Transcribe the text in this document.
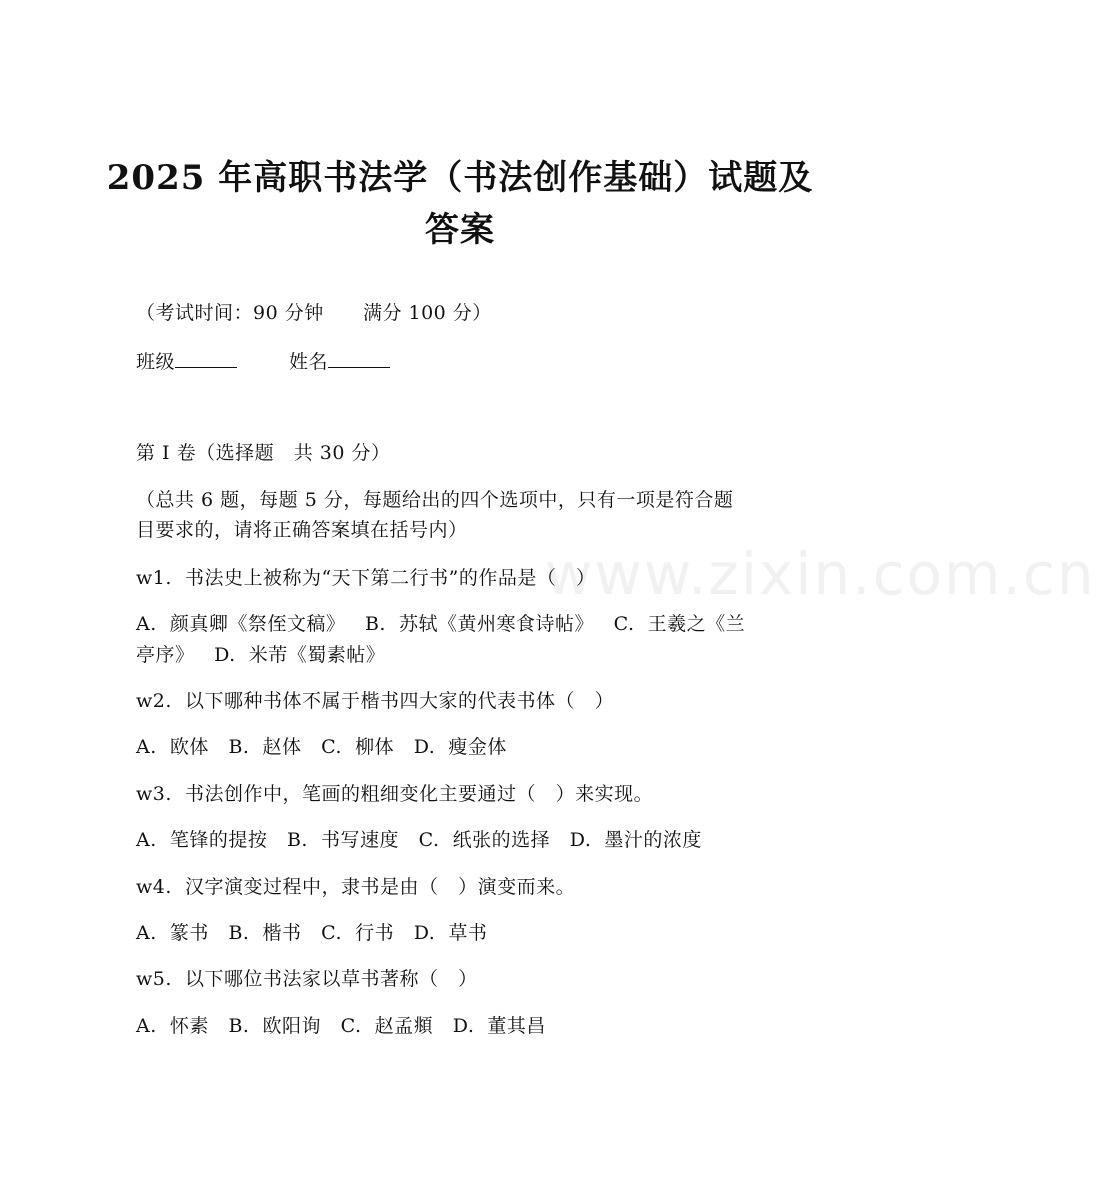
www.zixin.com.cn
2025 年高职书法学（书法创作基础）试题及
答案
（考试时间：90 分钟      满分 100 分）
班级	姓名
第 I 卷（选择题   共 30 分）
（总共 6 题，每题 5 分，每题给出的四个选项中，只有一项是符合题
目要求的，请将正确答案填在括号内）
w1.  书法史上被称为“天下第二行书”的作品是（   ）
A.  颜真卿《祭侄文稿》   B.  苏轼《黄州寒食诗帖》   C.  王羲之《兰
亭序》   D.  米芾《蜀素帖》
w2.  以下哪种书体不属于楷书四大家的代表书体（   ）
A.  欧体   B.  赵体   C.  柳体   D.  瘦金体
w3.  书法创作中，笔画的粗细变化主要通过（   ）来实现。
A.  笔锋的提按   B.  书写速度   C.  纸张的选择   D.  墨汁的浓度
w4.  汉字演变过程中，隶书是由（   ）演变而来。
A.  篆书   B.  楷书   C.  行书   D.  草书
w5.  以下哪位书法家以草书著称（   ）
A.  怀素   B.  欧阳询   C.  赵孟頫   D.  董其昌
